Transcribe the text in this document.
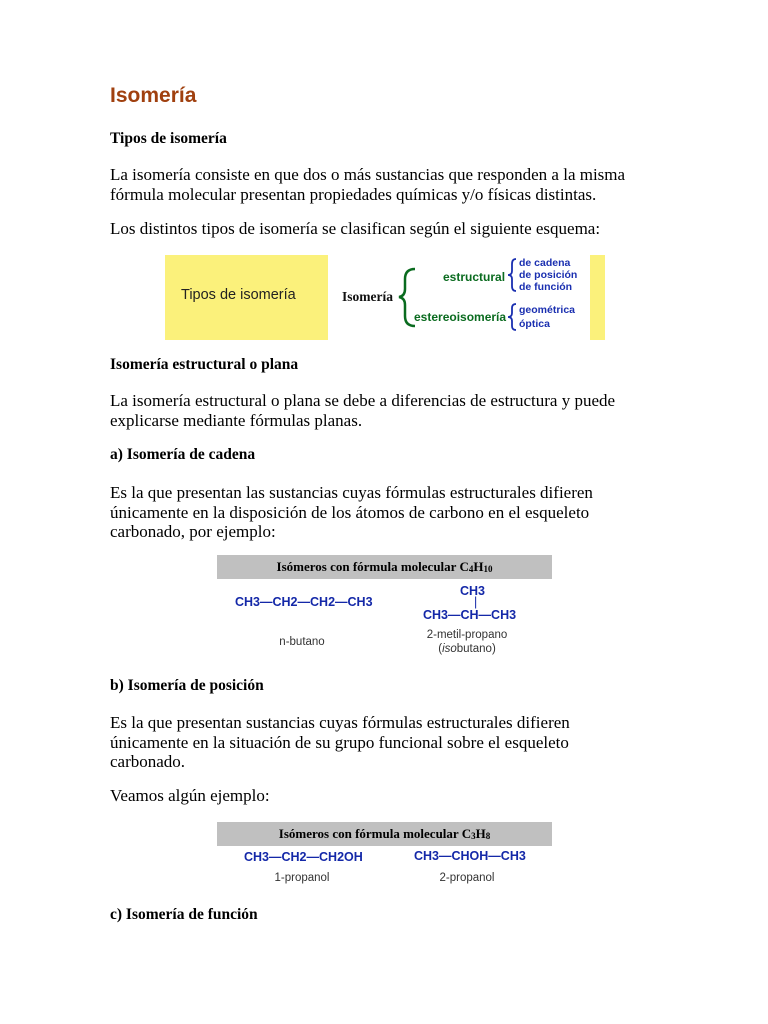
Isomería
Tipos de isomería
La isomería consiste en que dos o más sustancias que responden a la misma
fórmula molecular presentan propiedades químicas y/o físicas distintas.
Los distintos tipos de isomería se clasifican según el siguiente esquema:
Tipos de isomería	Isomería
estructural
estereoisomería
de cadena
de posición
de función
geométrica
óptica
Isomería estructural o plana
La isomería estructural o plana se debe a diferencias de estructura y puede
explicarse mediante fórmulas planas.
a) Isomería de cadena
Es la que presentan las sustancias cuyas fórmulas estructurales difieren
únicamente en la disposición de los átomos de carbono en el esqueleto
carbonado, por ejemplo:
Isómeros con fórmula molecular $C_4H_{10}$
CH3—CH2—CH2—CH3
n-butano
CH3
|
CH3—CH—CH3
2-metil-propano
(isobutano)
b) Isomería de posición
Es la que presentan sustancias cuyas fórmulas estructurales difieren
únicamente en la situación de su grupo funcional sobre el esqueleto
carbonado.
Veamos algún ejemplo:
Isómeros con fórmula molecular $C_3H_8$
CH3—CH2—CH2OH
1-propanol
CH3—CHOH—CH3
2-propanol
c) Isomería de función
